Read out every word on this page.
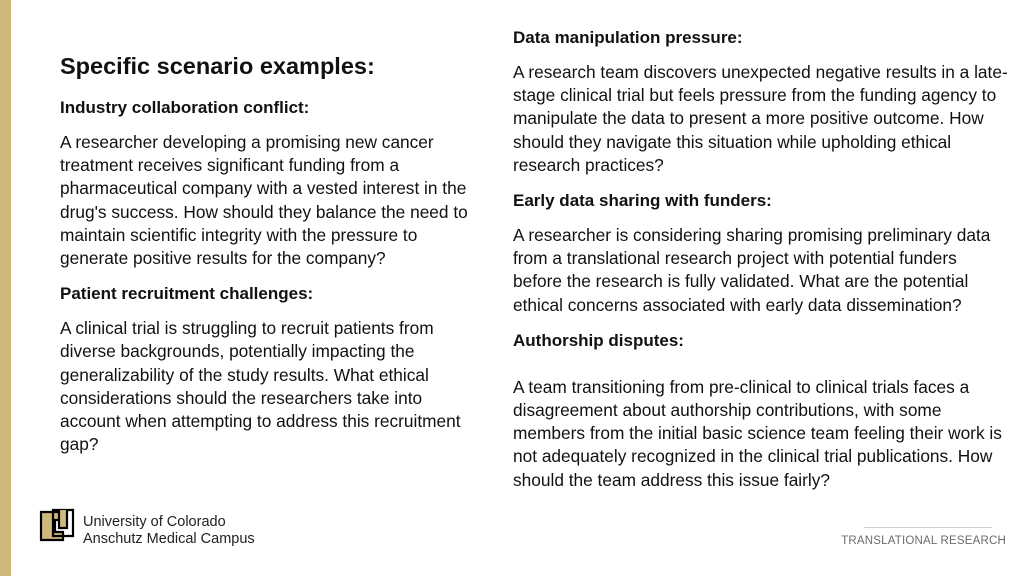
Specific scenario examples:
Industry collaboration conflict:

A researcher developing a promising new cancer treatment receives significant funding from a pharmaceutical company with a vested interest in the drug's success. How should they balance the need to maintain scientific integrity with the pressure to generate positive results for the company?

Patient recruitment challenges:

A clinical trial is struggling to recruit patients from diverse backgrounds, potentially impacting the generalizability of the study results. What ethical considerations should the researchers take into account when attempting to address this recruitment gap?

Data manipulation pressure:

A research team discovers unexpected negative results in a late-stage clinical trial but feels pressure from the funding agency to manipulate the data to present a more positive outcome. How should they navigate this situation while upholding ethical research practices?

Early data sharing with funders:

A researcher is considering sharing promising preliminary data from a translational research project with potential funders before the research is fully validated. What are the potential ethical concerns associated with early data dissemination?

Authorship disputes:

A team transitioning from pre-clinical to clinical trials faces a disagreement about authorship contributions, with some members from the initial basic science team feeling their work is not adequately recognized in the clinical trial publications. How should the team address this issue fairly?

University of Colorado
Anschutz Medical Campus	TRANSLATIONAL RESEARCH
